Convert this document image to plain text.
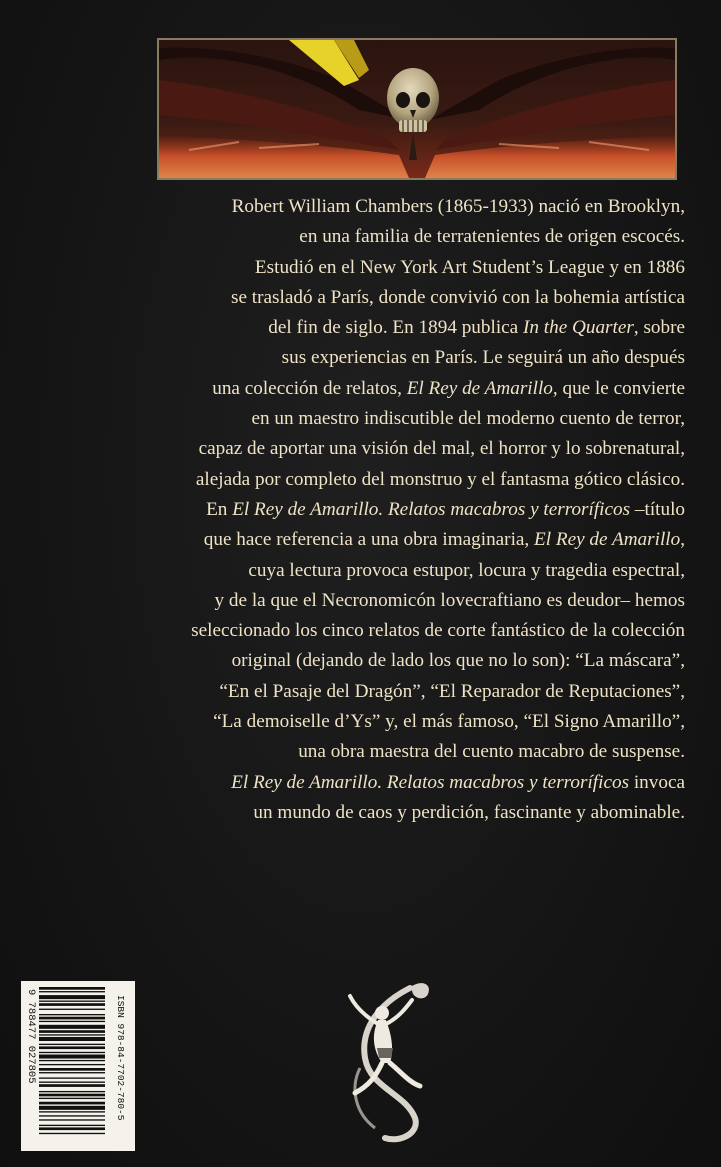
Robert William Chambers (1865-1933) nació en Brooklyn,
en una familia de terratenientes de origen escocés.
Estudió en el New York Art Student’s League y en 1886
se trasladó a París, donde convivió con la bohemia artística
del fin de siglo. En 1894 publica In the Quarter, sobre
sus experiencias en París. Le seguirá un año después
una colección de relatos, El Rey de Amarillo, que le convierte
en un maestro indiscutible del moderno cuento de terror,
capaz de aportar una visión del mal, el horror y lo sobrenatural,
alejada por completo del monstruo y el fantasma gótico clásico.
En El Rey de Amarillo. Relatos macabros y terroríficos –título
que hace referencia a una obra imaginaria, El Rey de Amarillo,
cuya lectura provoca estupor, locura y tragedia espectral,
y de la que el Necronomicón lovecraftiano es deudor– hemos
seleccionado los cinco relatos de corte fantástico de la colección
original (dejando de lado los que no lo son): “La máscara”,
“En el Pasaje del Dragón”, “El Reparador de Reputaciones”,
“La demoiselle d’Ys” y, el más famoso, “El Signo Amarillo”,
una obra maestra del cuento macabro de suspense.
El Rey de Amarillo. Relatos macabros y terroríficos invoca
un mundo de caos y perdición, fascinante y abominable.
ISBN 978-84-7702-780-5
9 788477 027805
